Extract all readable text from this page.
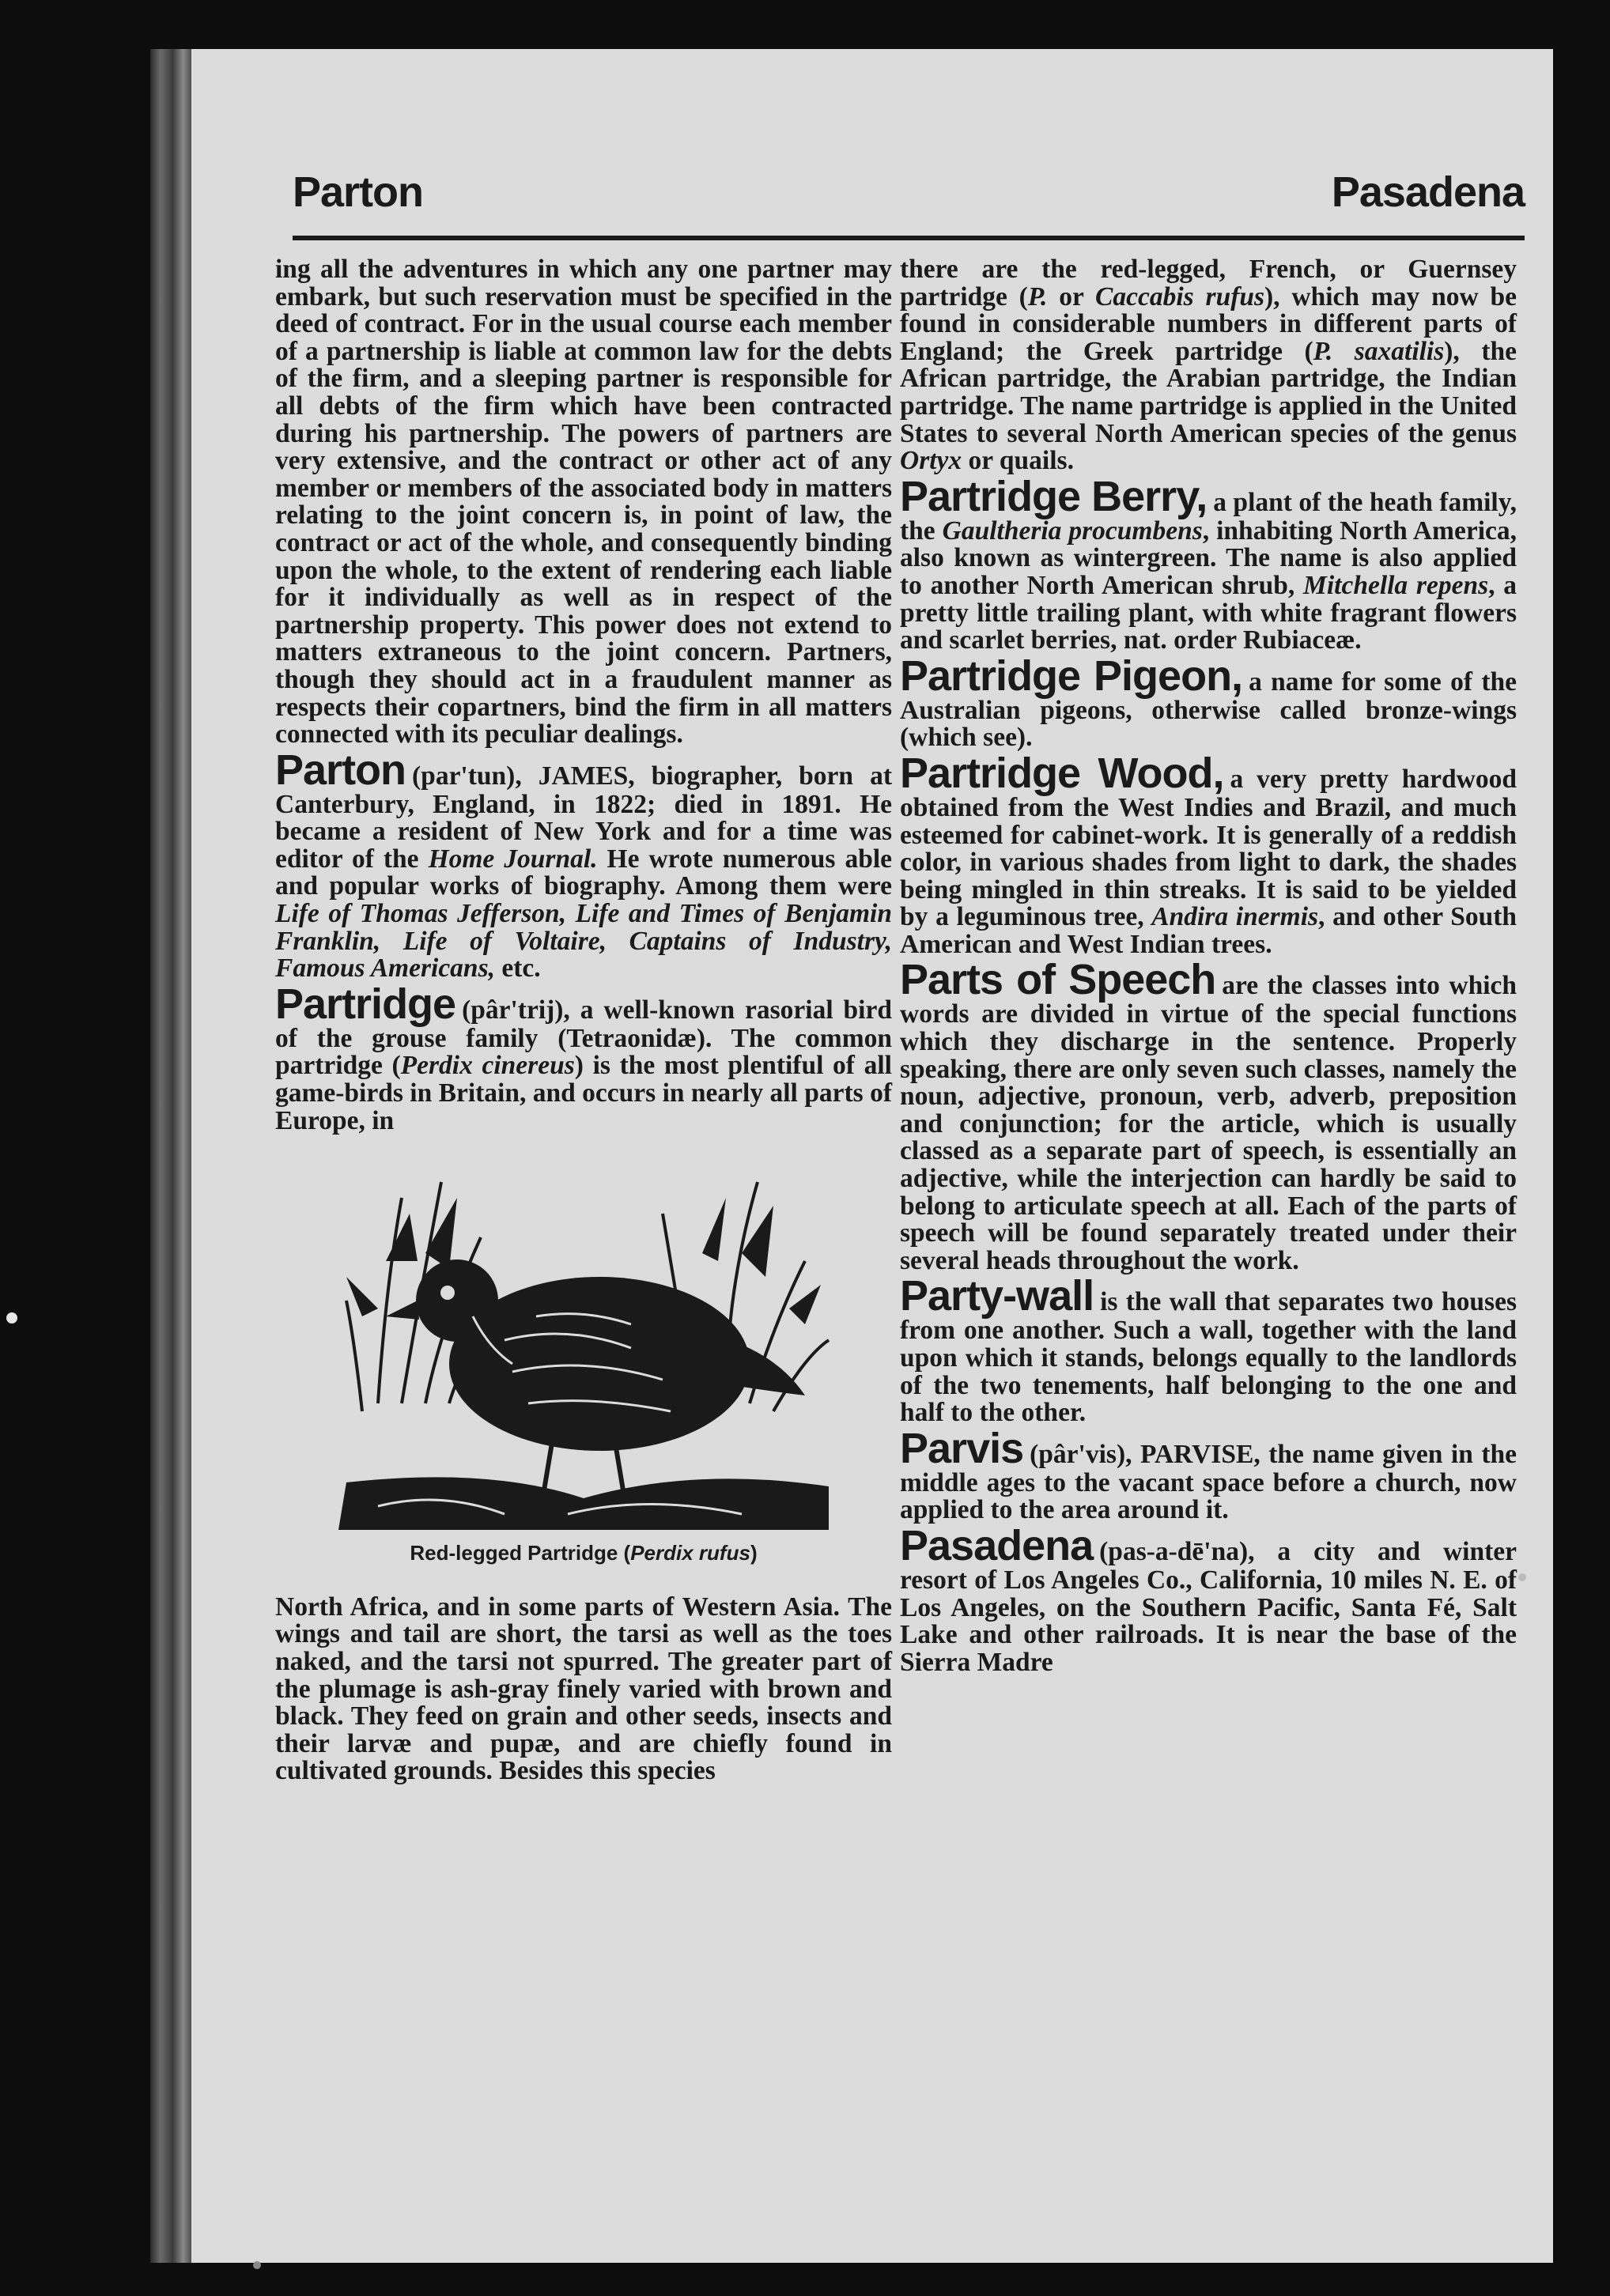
Parton	Pasadena

ing all the adventures in which any one partner may embark, but such reservation must be specified in the deed of contract. For in the usual course each member of a partnership is liable at common law for the debts of the firm, and a sleeping partner is responsible for all debts of the firm which have been contracted during his partnership. The powers of partners are very extensive, and the contract or other act of any member or members of the associated body in matters relating to the joint concern is, in point of law, the contract or act of the whole, and consequently binding upon the whole, to the extent of rendering each liable for it individually as well as in respect of the partnership property. This power does not extend to matters extraneous to the joint concern. Partners, though they should act in a fraudulent manner as respects their copartners, bind the firm in all matters connected with its peculiar dealings.

Parton (par'tun), JAMES, biographer, born at Canterbury, England, in 1822; died in 1891. He became a resident of New York and for a time was editor of the Home Journal. He wrote numerous able and popular works of biography. Among them were Life of Thomas Jefferson, Life and Times of Benjamin Franklin, Life of Voltaire, Captains of Industry, Famous Americans, etc.

Partridge (pâr'trij), a well-known rasorial bird of the grouse family (Tetraonidæ). The common partridge (Perdix cinereus) is the most plentiful of all game-birds in Britain, and occurs in nearly all parts of Europe, in

Red-legged Partridge (Perdix rufus)

North Africa, and in some parts of Western Asia. The wings and tail are short, the tarsi as well as the toes naked, and the tarsi not spurred. The greater part of the plumage is ash-gray finely varied with brown and black. They feed on grain and other seeds, insects and their larvæ and pupæ, and are chiefly found in cultivated grounds. Besides this species

there are the red-legged, French, or Guernsey partridge (P. or Caccabis rufus), which may now be found in considerable numbers in different parts of England; the Greek partridge (P. saxatilis), the African partridge, the Arabian partridge, the Indian partridge. The name partridge is applied in the United States to several North American species of the genus Ortyx or quails.

Partridge Berry, a plant of the heath family, the Gaultheria procumbens, inhabiting North America, also known as wintergreen. The name is also applied to another North American shrub, Mitchella repens, a pretty little trailing plant, with white fragrant flowers and scarlet berries, nat. order Rubiaceæ.

Partridge Pigeon, a name for some of the Australian pigeons, otherwise called bronze-wings (which see).

Partridge Wood, a very pretty hardwood obtained from the West Indies and Brazil, and much esteemed for cabinet-work. It is generally of a reddish color, in various shades from light to dark, the shades being mingled in thin streaks. It is said to be yielded by a leguminous tree, Andira inermis, and other South American and West Indian trees.

Parts of Speech are the classes into which words are divided in virtue of the special functions which they discharge in the sentence. Properly speaking, there are only seven such classes, namely the noun, adjective, pronoun, verb, adverb, preposition and conjunction; for the article, which is usually classed as a separate part of speech, is essentially an adjective, while the interjection can hardly be said to belong to articulate speech at all. Each of the parts of speech will be found separately treated under their several heads throughout the work.

Party-wall is the wall that separates two houses from one another. Such a wall, together with the land upon which it stands, belongs equally to the landlords of the two tenements, half belonging to the one and half to the other.

Parvis (pâr'vis), PARVISE, the name given in the middle ages to the vacant space before a church, now applied to the area around it.

Pasadena (pas-a-dē'na), a city and winter resort of Los Angeles Co., California, 10 miles N. E. of Los Angeles, on the Southern Pacific, Santa Fé, Salt Lake and other railroads. It is near the base of the Sierra Madre
